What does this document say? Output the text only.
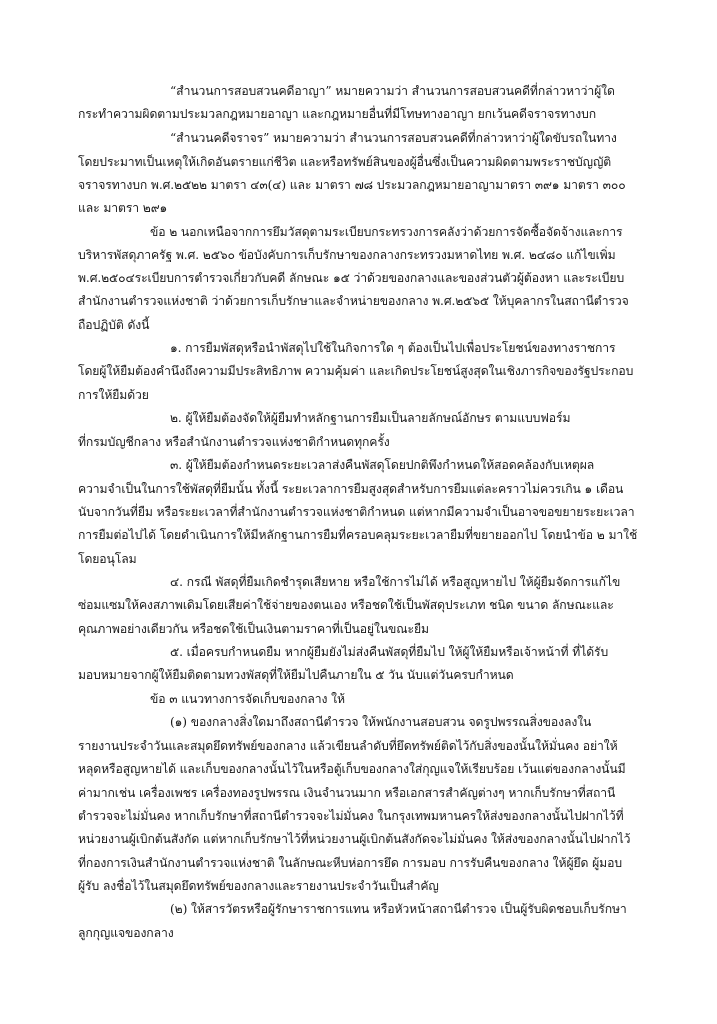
“สำนวนการสอบสวนคดีอาญา” หมายความว่า สำนวนการสอบสวนคดีที่กล่าวหาว่าผู้ใด
กระทำความผิดตามประมวลกฎหมายอาญา และกฎหมายอื่นที่มีโทษทางอาญา ยกเว้นคดีจราจรทางบก
“สำนวนคดีจราจร” หมายความว่า สำนวนการสอบสวนคดีที่กล่าวหาว่าผู้ใดขับรถในทาง
โดยประมาทเป็นเหตุให้เกิดอันตรายแก่ชีวิต และหรือทรัพย์สินของผู้อื่นซึ่งเป็นความผิดตามพระราชบัญญัติ
จราจรทางบก พ.ศ.๒๕๒๒ มาตรา ๔๓(๔) และ มาตรา ๗๘ ประมวลกฎหมายอาญามาตรา ๓๙๑ มาตรา ๓๐๐
และ มาตรา ๒๙๑
ข้อ ๒ นอกเหนือจากการยึมวัสดุตามระเบียบกระทรวงการคลังว่าด้วยการจัดซื้อจัดจ้างและการ
บริหารพัสดุภาครัฐ พ.ศ. ๒๕๖๐ ข้อบังคับการเก็บรักษาของกลางกระทรวงมหาดไทย พ.ศ. ๒๔๘๐ แก้ไขเพิ่ม
พ.ศ.๒๕๐๔ระเบียบการตำรวจเกี่ยวกับคดี ลักษณะ ๑๕ ว่าด้วยของกลางและของส่วนตัวผู้ต้องหา และระเบียบ
สำนักงานตำรวจแห่งชาติ ว่าด้วยการเก็บรักษาและจำหน่ายของกลาง พ.ศ.๒๕๖๕ ให้บุคลากรในสถานีตำรวจ
ถือปฏิบัติ ดังนี้
๑. การยืมพัสดุหรือนำพัสดุไปใช้ในกิจการใด ๆ ต้องเป็นไปเพื่อประโยชน์ของทางราชการ
โดยผู้ให้ยืมต้องคำนึงถึงความมีประสิทธิภาพ ความคุ้มค่า และเกิดประโยชน์สูงสุดในเชิงภารกิจของรัฐประกอบ
การให้ยืมด้วย
๒. ผู้ให้ยืมต้องจัดให้ผู้ยืมทำหลักฐานการยืมเป็นลายลักษณ์อักษร ตามแบบฟอร์ม
ที่กรมบัญชีกลาง หรือสำนักงานตำรวจแห่งชาติกำหนดทุกครั้ง
๓. ผู้ให้ยืมต้องกำหนดระยะเวลาส่งคืนพัสดุโดยปกติพึงกำหนดให้สอดคล้องกับเหตุผล
ความจำเป็นในการใช้พัสดุที่ยืมนั้น ทั้งนี้ ระยะเวลาการยืมสูงสุดสำหรับการยืมแต่ละคราวไม่ควรเกิน ๑ เดือน
นับจากวันที่ยืม หรือระยะเวลาที่สำนักงานตำรวจแห่งชาติกำหนด แต่หากมีความจำเป็นอาจขอขยายระยะเวลา
การยืมต่อไปได้ โดยดำเนินการให้มีหลักฐานการยืมที่ครอบคลุมระยะเวลายืมที่ขยายออกไป โดยนำข้อ ๒ มาใช้
โดยอนุโลม
๔. กรณี พัสดุที่ยืมเกิดชำรุดเสียหาย หรือใช้การไม่ได้ หรือสูญหายไป ให้ผู้ยืมจัดการแก้ไข
ซ่อมแซมให้คงสภาพเดิมโดยเสียค่าใช้จ่ายของตนเอง หรือชดใช้เป็นพัสดุประเภท ชนิด ขนาด ลักษณะและ
คุณภาพอย่างเดียวกัน หรือชดใช้เป็นเงินตามราคาที่เป็นอยู่ในขณะยืม
๕. เมื่อครบกำหนดยืม หากผู้ยืมยังไม่ส่งคืนพัสดุที่ยืมไป ให้ผู้ให้ยืมหรือเจ้าหน้าที่ ที่ได้รับ
มอบหมายจากผู้ให้ยืมติดตามทวงพัสดุที่ให้ยืมไปคืนภายใน ๕ วัน นับแต่วันครบกำหนด
ข้อ ๓ แนวทางการจัดเก็บของกลาง ให้
(๑) ของกลางสิ่งใดมาถึงสถานีตำรวจ ให้พนักงานสอบสวน จดรูปพรรณสิ่งของลงใน
รายงานประจำวันและสมุดยึดทรัพย์ของกลาง แล้วเขียนลำดับที่ยึดทรัพย์ติดไว้กับสิ่งของนั้นให้มั่นคง อย่าให้
หลุดหรือสูญหายได้ และเก็บของกลางนั้นไว้ในหรือตู้เก็บของกลางใส่กุญแจให้เรียบร้อย เว้นแต่ของกลางนั้นมี
ค่ามากเช่น เครื่องเพชร เครื่องทองรูปพรรณ เงินจำนวนมาก หรือเอกสารสำคัญต่างๆ หากเก็บรักษาที่สถานี
ตำรวจจะไม่มั่นคง หากเก็บรักษาที่สถานีตำรวจจะไม่มั่นคง ในกรุงเทพมหานครให้ส่งของกลางนั้นไปฝากไว้ที่
หน่วยงานผู้เบิกต้นสังกัด แต่หากเก็บรักษาไว้ที่หน่วยงานผู้เบิกต้นสังกัดจะไม่มั่นคง ให้ส่งของกลางนั้นไปฝากไว้
ที่กองการเงินสำนักงานตำรวจแห่งชาติ ในลักษณะหีบห่อการยึด การมอบ การรับคืนของกลาง ให้ผู้ยึด ผู้มอบ
ผู้รับ ลงชื่อไว้ในสมุดยึดทรัพย์ของกลางและรายงานประจำวันเป็นสำคัญ
(๒) ให้สารวัตรหรือผู้รักษาราชการแทน หรือหัวหน้าสถานีตำรวจ เป็นผู้รับผิดชอบเก็บรักษา
ลูกกุญแจของกลาง
